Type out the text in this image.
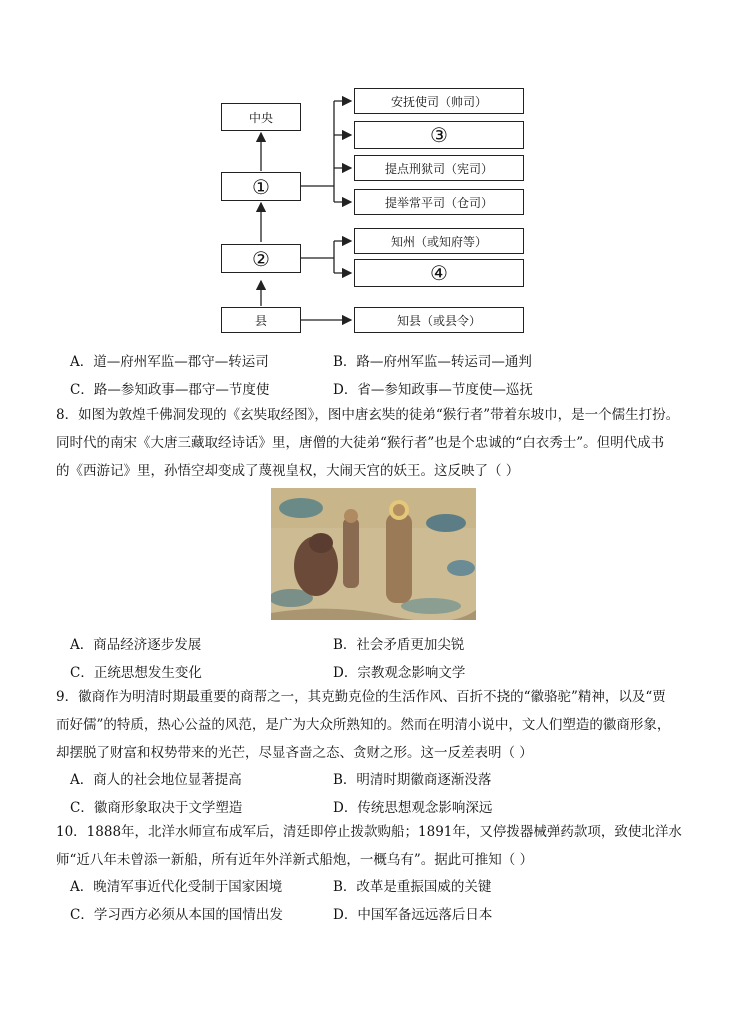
中央
①
②
县
安抚使司（帅司）
③
提点刑狱司（宪司）
提举常平司（仓司）
知州（或知府等）
④
知县（或县令）
A．道—府州军监—郡守—转运司	B．路—府州军监—转运司—通判
C．路—参知政事—郡守—节度使	D．省—参知政事—节度使—巡抚

8．如图为敦煌千佛洞发现的《玄奘取经图》，图中唐玄奘的徒弟“猴行者”带着东坡巾，是一个儒生打扮。

同时代的南宋《大唐三藏取经诗话》里，唐僧的大徒弟“猴行者”也是个忠诚的“白衣秀士”。但明代成书

的《西游记》里，孙悟空却变成了蔑视皇权，大闹天宫的妖王。这反映了（ ）

A．商品经济逐步发展	B．社会矛盾更加尖锐
C．正统思想发生变化	D．宗教观念影响文学

9．徽商作为明清时期最重要的商帮之一，其克勤克俭的生活作风、百折不挠的“徽骆驼”精神，以及“贾

而好儒”的特质，热心公益的风范，是广为大众所熟知的。然而在明清小说中，文人们塑造的徽商形象，

却摆脱了财富和权势带来的光芒，尽显吝啬之态、贪财之形。这一反差表明（ ）

A．商人的社会地位显著提高	B．明清时期徽商逐渐没落
C．徽商形象取决于文学塑造	D．传统思想观念影响深远

10．1888年，北洋水师宣布成军后，清廷即停止拨款购船；1891年，又停拨器械弹药款项，致使北洋水

师“近八年未曾添一新船，所有近年外洋新式船炮，一概乌有”。据此可推知（ ）

A．晚清军事近代化受制于国家困境	B．改革是重振国威的关键
C．学习西方必须从本国的国情出发	D．中国军备远远落后日本
